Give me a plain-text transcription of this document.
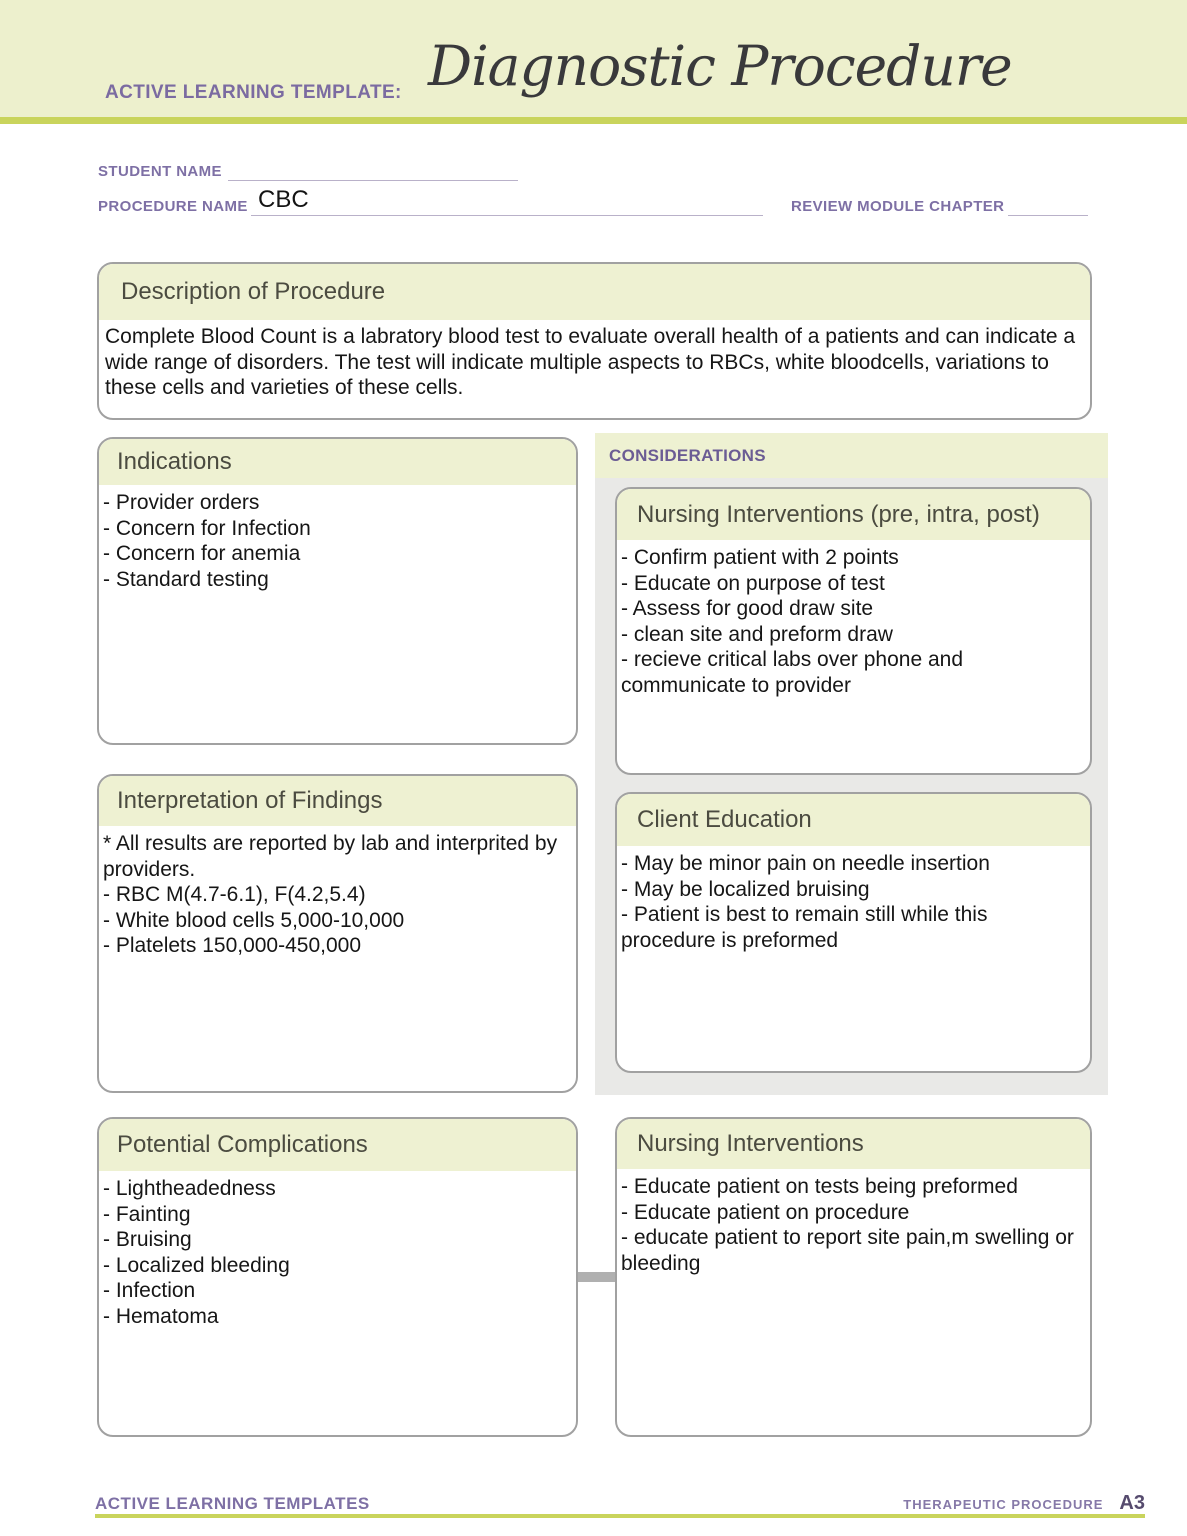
ACTIVE LEARNING TEMPLATE: Diagnostic Procedure
STUDENT NAME
PROCEDURE NAME CBC	REVIEW MODULE CHAPTER
Description of Procedure
Complete Blood Count is a labratory blood test to evaluate overall health of a patients and can indicate a wide range of disorders. The test will indicate multiple aspects to RBCs, white bloodcells, variations to these cells and varieties of these cells.
Indications
- Provider orders
- Concern for Infection
- Concern for anemia
- Standard testing
CONSIDERATIONS
Nursing Interventions (pre, intra, post)
- Confirm patient with 2 points
- Educate on purpose of test
- Assess for good draw site
- clean site and preform draw
- recieve critical labs over phone and communicate to provider
Interpretation of Findings
* All results are reported by lab and interprited by providers.
- RBC M(4.7-6.1), F(4.2,5.4)
- White blood cells 5,000-10,000
- Platelets 150,000-450,000
Client Education
- May be minor pain on needle insertion
- May be localized bruising
- Patient is best to remain still while this procedure is preformed
Potential Complications
- Lightheadedness
- Fainting
- Bruising
- Localized bleeding
- Infection
- Hematoma
Nursing Interventions
- Educate patient on tests being preformed
- Educate patient on procedure
- educate patient to report site pain,m swelling or bleeding
ACTIVE LEARNING TEMPLATES	THERAPEUTIC PROCEDURE A3
